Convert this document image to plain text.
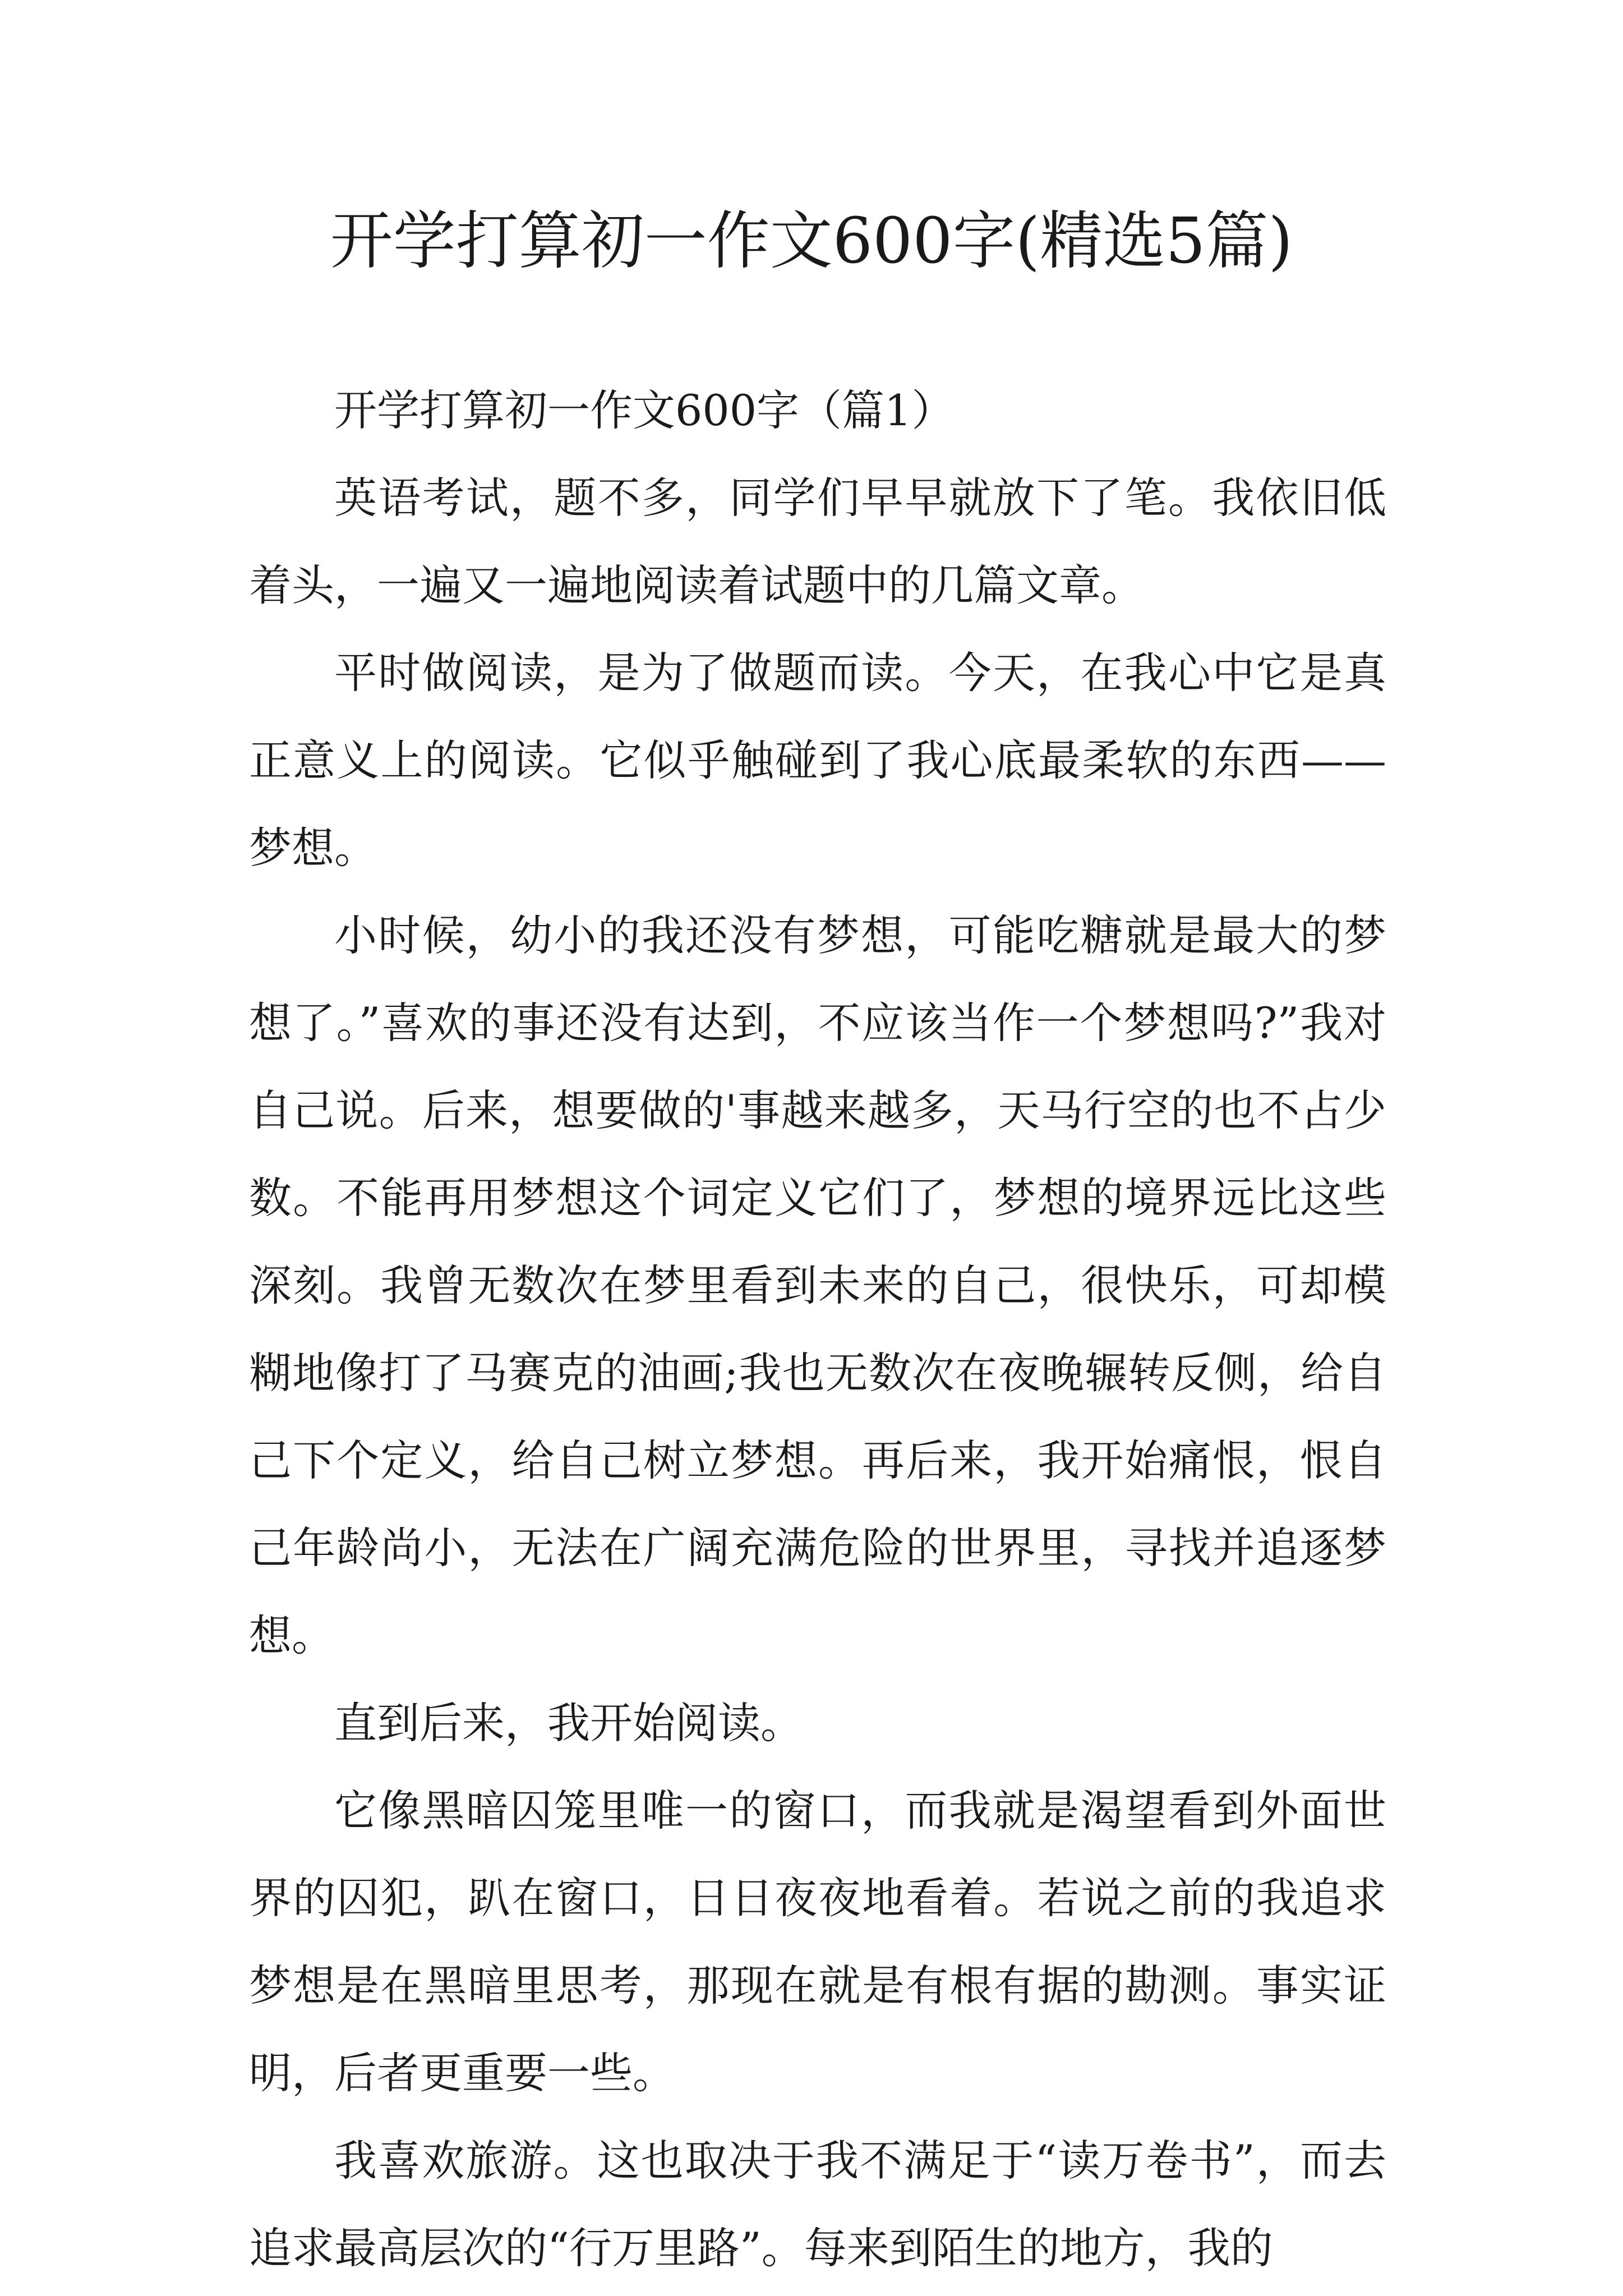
开学打算初一作文600字(精选5篇)

开学打算初一作文600字（篇1）

英语考试，题不多，同学们早早就放下了笔。我依旧低着头，一遍又一遍地阅读着试题中的几篇文章。

平时做阅读，是为了做题而读。今天，在我心中它是真正意义上的阅读。它似乎触碰到了我心底最柔软的东西——梦想。

小时候，幼小的我还没有梦想，可能吃糖就是最大的梦想了。”喜欢的事还没有达到，不应该当作一个梦想吗?”我对自己说。后来，想要做的'事越来越多，天马行空的也不占少数。不能再用梦想这个词定义它们了，梦想的境界远比这些深刻。我曾无数次在梦里看到未来的自己，很快乐，可却模糊地像打了马赛克的油画;我也无数次在夜晚辗转反侧，给自己下个定义，给自己树立梦想。再后来，我开始痛恨，恨自己年龄尚小，无法在广阔充满危险的世界里，寻找并追逐梦想。

直到后来，我开始阅读。

它像黑暗囚笼里唯一的窗口，而我就是渴望看到外面世界的囚犯，趴在窗口，日日夜夜地看着。若说之前的我追求梦想是在黑暗里思考，那现在就是有根有据的勘测。事实证明，后者更重要一些。

我喜欢旅游。这也取决于我不满足于“读万卷书”，而去追求最高层次的“行万里路”。每来到陌生的地方，我的
